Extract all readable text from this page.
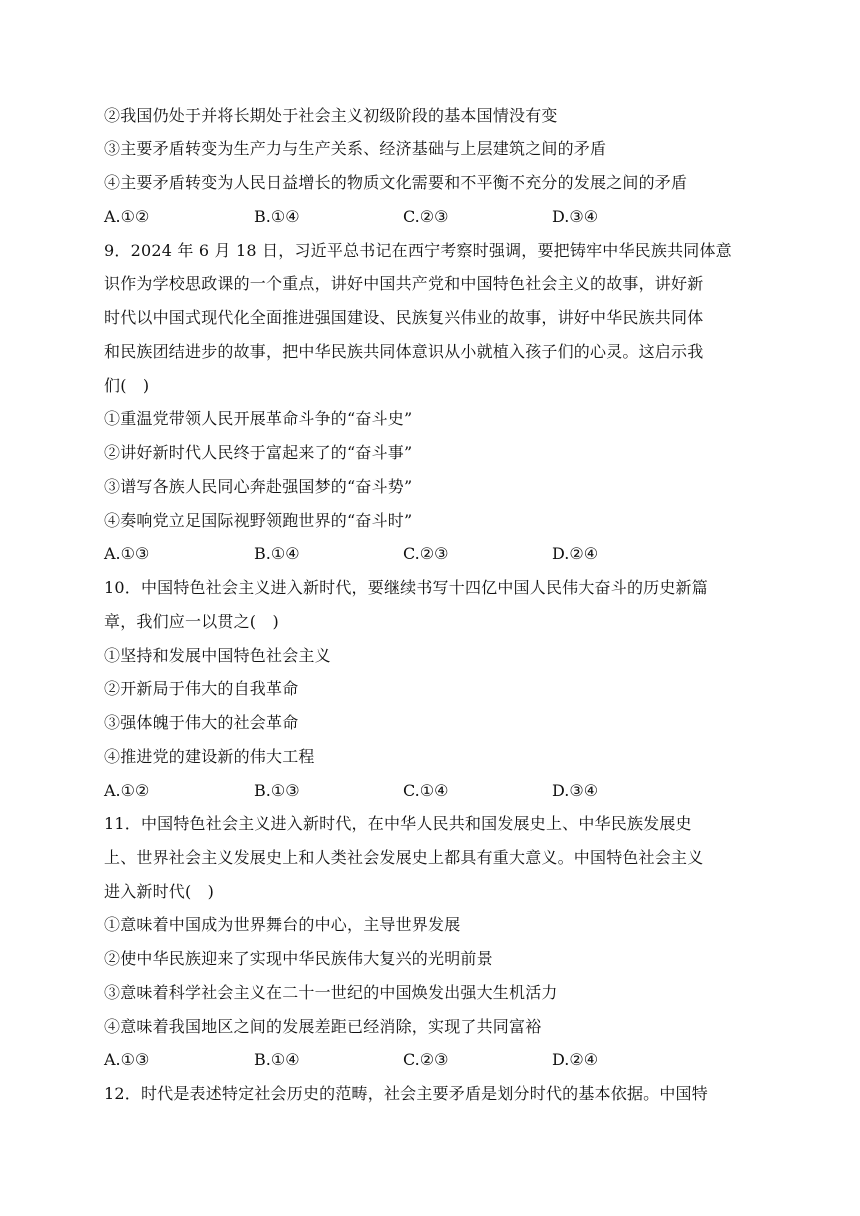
②我国仍处于并将长期处于社会主义初级阶段的基本国情没有变
③主要矛盾转变为生产力与生产关系、经济基础与上层建筑之间的矛盾
④主要矛盾转变为人民日益增长的物质文化需要和不平衡不充分的发展之间的矛盾
A.①②	B.①④	C.②③	D.③④
9．2024 年 6 月 18 日，习近平总书记在西宁考察时强调，要把铸牢中华民族共同体意
识作为学校思政课的一个重点，讲好中国共产党和中国特色社会主义的故事，讲好新
时代以中国式现代化全面推进强国建设、民族复兴伟业的故事，讲好中华民族共同体
和民族团结进步的故事，把中华民族共同体意识从小就植入孩子们的心灵。这启示我
们(　)
①重温党带领人民开展革命斗争的“奋斗史”
②讲好新时代人民终于富起来了的“奋斗事”
③谱写各族人民同心奔赴强国梦的“奋斗势”
④奏响党立足国际视野领跑世界的“奋斗时”
A.①③	B.①④	C.②③	D.②④
10．中国特色社会主义进入新时代，要继续书写十四亿中国人民伟大奋斗的历史新篇
章，我们应一以贯之(　)
①坚持和发展中国特色社会主义
②开新局于伟大的自我革命
③强体魄于伟大的社会革命
④推进党的建设新的伟大工程
A.①②	B.①③	C.①④	D.③④
11．中国特色社会主义进入新时代，在中华人民共和国发展史上、中华民族发展史
上、世界社会主义发展史上和人类社会发展史上都具有重大意义。中国特色社会主义
进入新时代(　)
①意味着中国成为世界舞台的中心，主导世界发展
②使中华民族迎来了实现中华民族伟大复兴的光明前景
③意味着科学社会主义在二十一世纪的中国焕发出强大生机活力
④意味着我国地区之间的发展差距已经消除，实现了共同富裕
A.①③	B.①④	C.②③	D.②④
12．时代是表述特定社会历史的范畴，社会主要矛盾是划分时代的基本依据。中国特
